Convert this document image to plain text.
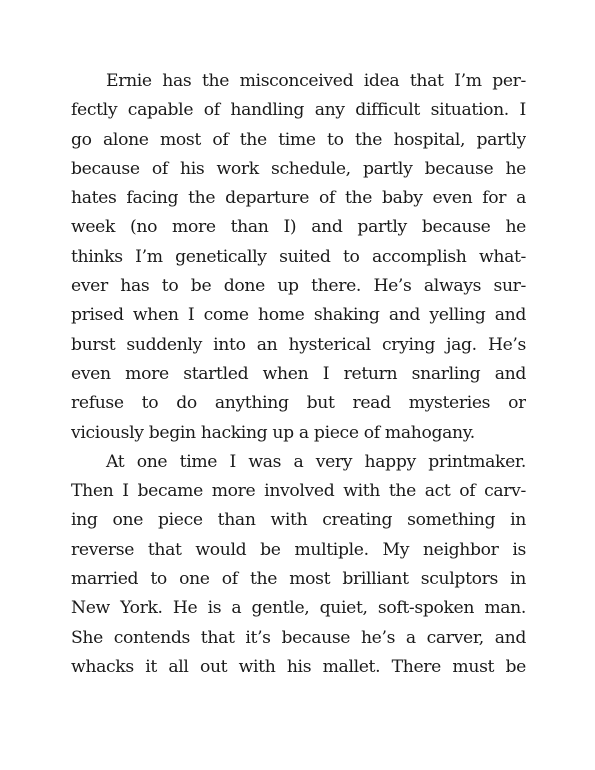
Ernie has the misconceived idea that I’m per-
fectly capable of handling any difficult situation. I
go alone most of the time to the hospital, partly
because of his work schedule, partly because he
hates facing the departure of the baby even for a
week (no more than I) and partly because he
thinks I’m genetically suited to accomplish what-
ever has to be done up there. He’s always sur-
prised when I come home shaking and yelling and
burst suddenly into an hysterical crying jag. He’s
even more startled when I return snarling and
refuse to do anything but read mysteries or
viciously begin hacking up a piece of mahogany.
At one time I was a very happy printmaker.
Then I became more involved with the act of carv-
ing one piece than with creating something in
reverse that would be multiple. My neighbor is
married to one of the most brilliant sculptors in
New York. He is a gentle, quiet, soft-spoken man.
She contends that it’s because he’s a carver, and
whacks it all out with his mallet. There must be
